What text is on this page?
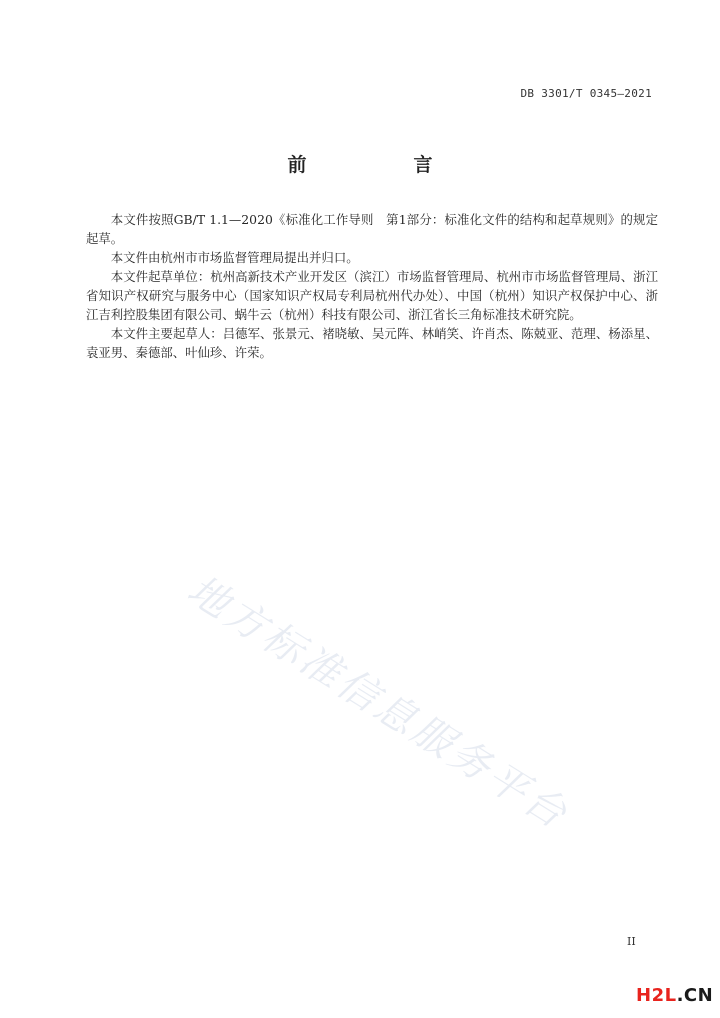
DB 3301/T 0345—2021
前　言

本文件按照GB/T 1.1—2020《标准化工作导则　第1部分：标准化文件的结构和起草规则》的规定起草。

本文件由杭州市市场监督管理局提出并归口。

本文件起草单位：杭州高新技术产业开发区（滨江）市场监督管理局、杭州市市场监督管理局、浙江省知识产权研究与服务中心（国家知识产权局专利局杭州代办处）、中国（杭州）知识产权保护中心、浙江吉利控股集团有限公司、蜗牛云（杭州）科技有限公司、浙江省长三角标准技术研究院。

本文件主要起草人：吕德军、张景元、褚晓敏、吴元阵、林峭笑、许肖杰、陈兢亚、范理、杨添星、袁亚男、秦德部、叶仙珍、许荣。

地方标准信息服务平台
II
H2L.CN
